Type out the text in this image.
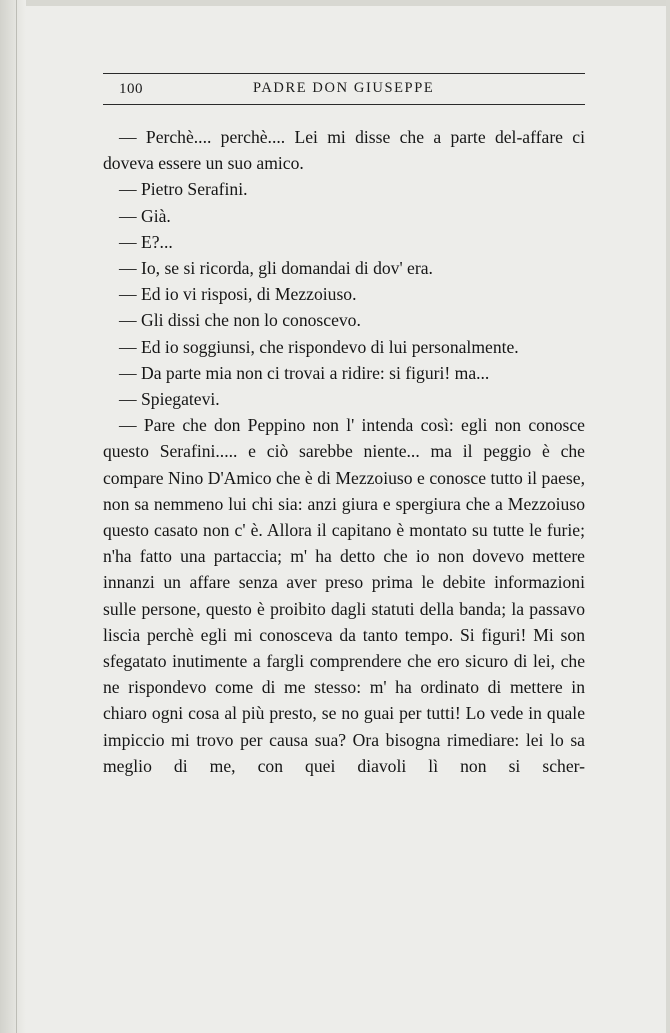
100	PADRE DON GIUSEPPE

— Perchè.... perchè.... Lei mi disse che a parte del-affare ci doveva essere un suo amico.

— Pietro Serafini.

— Già.

— E?...

— Io, se si ricorda, gli domandai di dov' era.

— Ed io vi risposi, di Mezzoiuso.

— Gli dissi che non lo conoscevo.

— Ed io soggiunsi, che rispondevo di lui personalmente.

— Da parte mia non ci trovai a ridire: si figuri! ma...

— Spiegatevi.

— Pare che don Peppino non l' intenda così: egli non conosce questo Serafini..... e ciò sarebbe niente... ma il peggio è che compare Nino D'Amico che è di Mezzoiuso e conosce tutto il paese, non sa nemmeno lui chi sia: anzi giura e spergiura che a Mezzoiuso questo casato non c' è. Allora il capitano è montato su tutte le furie; n'ha fatto una partaccia; m' ha detto che io non dovevo mettere innanzi un affare senza aver preso prima le debite informazioni sulle persone, questo è proibito dagli statuti della banda; la passavo liscia perchè egli mi conosceva da tanto tempo. Si figuri! Mi son sfegatato inutimente a fargli comprendere che ero sicuro di lei, che ne rispondevo come di me stesso: m' ha ordinato di mettere in chiaro ogni cosa al più presto, se no guai per tutti! Lo vede in quale impiccio mi trovo per causa sua? Ora bisogna rimediare: lei lo sa meglio di me, con quei diavoli lì non si scher-
